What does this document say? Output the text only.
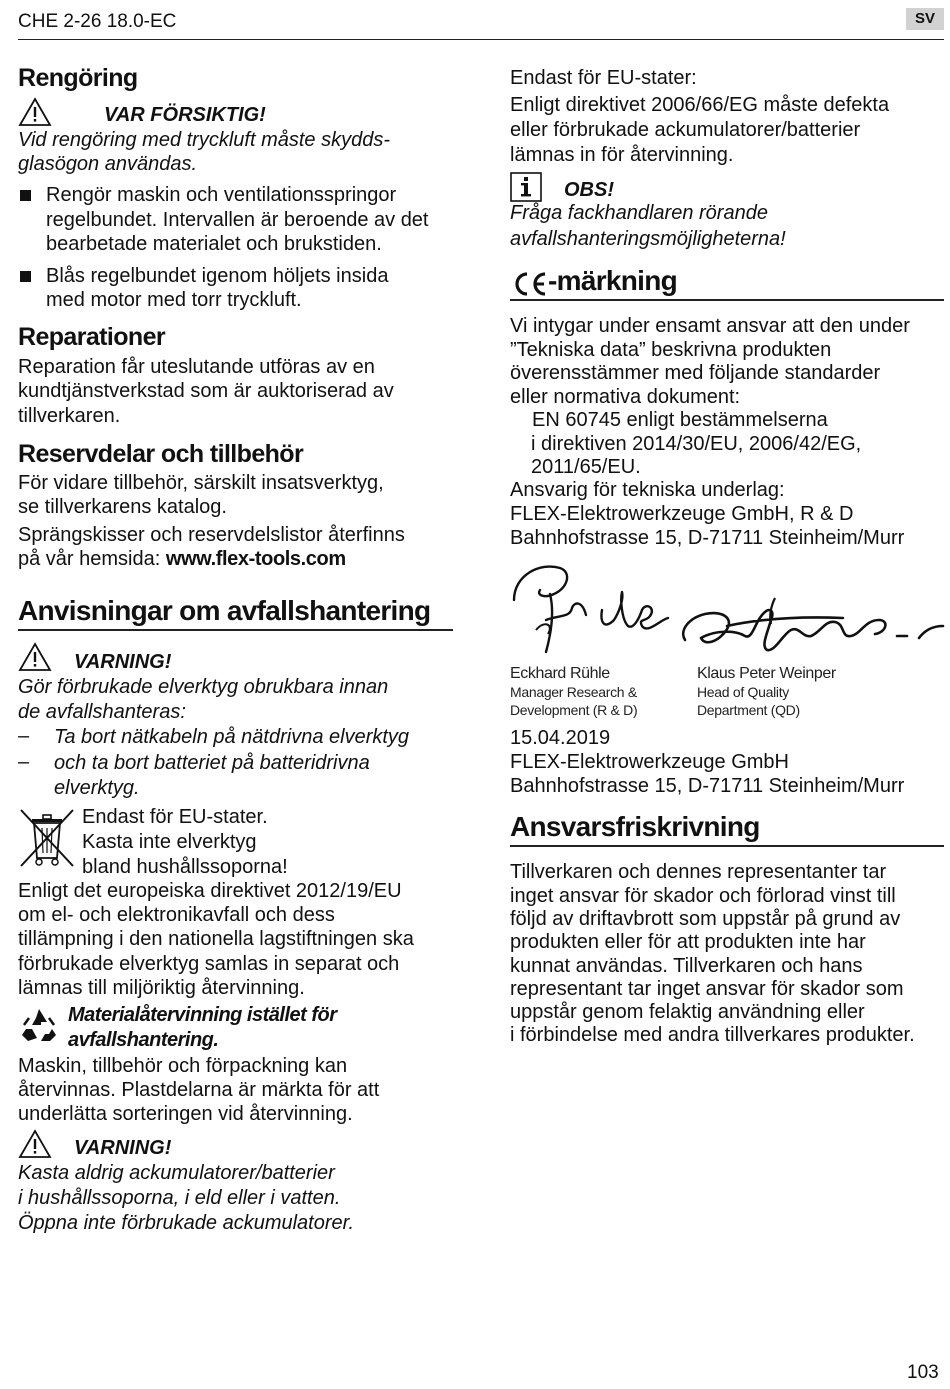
CHE 2-26 18.0-EC	SV
Rengöring
VAR FÖRSIKTIG!
Vid rengöring med tryckluft måste skydds-
glasögon användas.
Rengör maskin och ventilationsspringor
regelbundet. Intervallen är beroende av det
bearbetade materialet och brukstiden.
Blås regelbundet igenom höljets insida
med motor med torr tryckluft.
Reparationer
Reparation får uteslutande utföras av en
kundtjänstverkstad som är auktoriserad av
tillverkaren.
Reservdelar och tillbehör
För vidare tillbehör, särskilt insatsverktyg,
se tillverkarens katalog.
Sprängskisser och reservdelslistor återfinns
på vår hemsida: www.flex-tools.com
Anvisningar om avfallshantering
VARNING!
Gör förbrukade elverktyg obrukbara innan
de avfallshanteras:
– Ta bort nätkabeln på nätdrivna elverktyg
– och ta bort batteriet på batteridrivna
elverktyg.
Endast för EU-stater.
Kasta inte elverktyg
bland hushållssoporna!
Enligt det europeiska direktivet 2012/19/EU
om el- och elektronikavfall och dess
tillämpning i den nationella lagstiftningen ska
förbrukade elverktyg samlas in separat och
lämnas till miljöriktig återvinning.
Materialåtervinning istället för
avfallshantering.
Maskin, tillbehör och förpackning kan
återvinnas. Plastdelarna är märkta för att
underlätta sorteringen vid återvinning.
VARNING!
Kasta aldrig ackumulatorer/batterier
i hushållssoporna, i eld eller i vatten.
Öppna inte förbrukade ackumulatorer.
Endast för EU-stater:
Enligt direktivet 2006/66/EG måste defekta
eller förbrukade ackumulatorer/batterier
lämnas in för återvinning.
OBS!
Fråga fackhandlaren rörande
avfallshanteringsmöjligheterna!
-märkning
Vi intygar under ensamt ansvar att den under
”Tekniska data” beskrivna produkten
överensstämmer med följande standarder
eller normativa dokument:
EN 60745 enligt bestämmelserna
i direktiven 2014/30/EU, 2006/42/EG,
2011/65/EU.
Ansvarig för tekniska underlag:
FLEX-Elektrowerkzeuge GmbH, R & D
Bahnhofstrasse 15, D-71711 Steinheim/Murr
Eckhard Rühle
Manager Research &
Development (R & D)
Klaus Peter Weinper
Head of Quality
Department (QD)
15.04.2019
FLEX-Elektrowerkzeuge GmbH
Bahnhofstrasse 15, D-71711 Steinheim/Murr
Ansvarsfriskrivning
Tillverkaren och dennes representanter tar
inget ansvar för skador och förlorad vinst till
följd av driftavbrott som uppstår på grund av
produkten eller för att produkten inte har
kunnat användas. Tillverkaren och hans
representant tar inget ansvar för skador som
uppstår genom felaktig användning eller
i förbindelse med andra tillverkares produkter.
103
